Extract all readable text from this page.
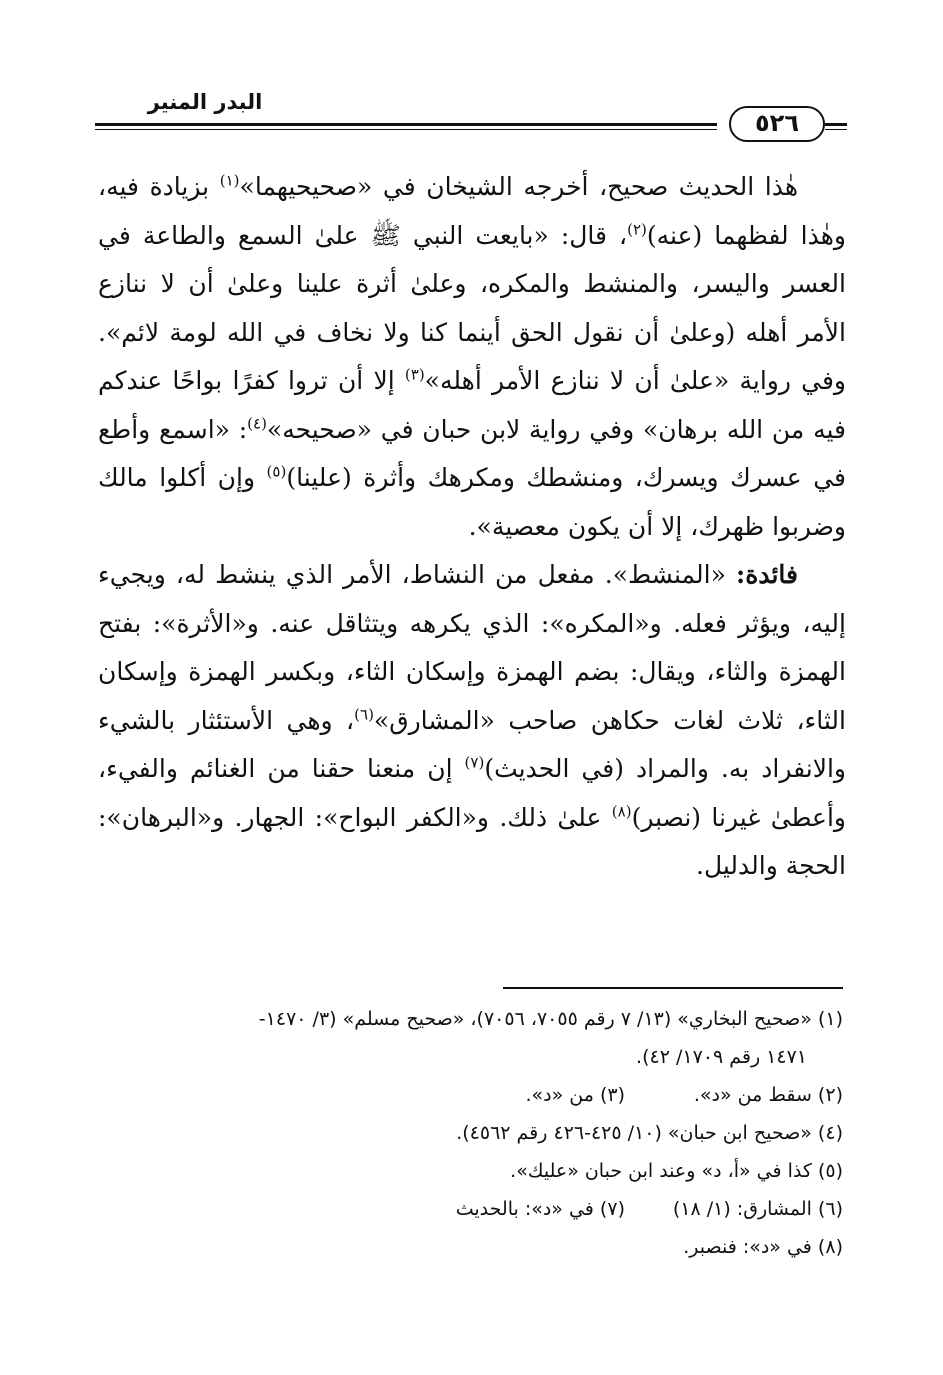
البدر المنير
٥٢٦

هٰذا الحديث صحيح، أخرجه الشيخان في «صحيحيهما»$^{(١)}$ بزيادة فيه، وهٰذا لفظهما (عنه)$^{(٢)}$، قال: «بايعت النبي ﷺ علىٰ السمع والطاعة في العسر واليسر، والمنشط والمكره، وعلىٰ أثرة علينا وعلىٰ أن لا ننازع الأمر أهله (وعلىٰ أن نقول الحق أينما كنا ولا نخاف في الله لومة لائم». وفي رواية «علىٰ أن لا ننازع الأمر أهله»$^{(٣)}$ إلا أن تروا كفرًا بواحًا عندكم فيه من الله برهان» وفي رواية لابن حبان في «صحيحه»$^{(٤)}$: «اسمع وأطع في عسرك ويسرك، ومنشطك ومكرهك وأثرة (علينا)$^{(٥)}$ وإن أكلوا مالك وضربوا ظهرك، إلا أن يكون معصية».

فائدة: «المنشط». مفعل من النشاط، الأمر الذي ينشط له، ويجيء إليه، ويؤثر فعله. و«المكره»: الذي يكرهه ويتثاقل عنه. و«الأثرة»: بفتح الهمزة والثاء، ويقال: بضم الهمزة وإسكان الثاء، وبكسر الهمزة وإسكان الثاء، ثلاث لغات حكاهن صاحب «المشارق»$^{(٦)}$، وهي الأستئثار بالشيء والانفراد به. والمراد (في الحديث)$^{(٧)}$ إن منعنا حقنا من الغنائم والفيء، وأعطىٰ غيرنا (نصبر)$^{(٨)}$ علىٰ ذلك. و«الكفر البواح»: الجهار. و«البرهان»: الحجة والدليل.

(١) «صحيح البخاري» (١٣/ ٧ رقم ٧٠٥٥، ٧٠٥٦)، «صحيح مسلم» (٣/ ١٤٧٠-

١٤٧١ رقم ١٧٠٩/ ٤٢).

(٢) سقط من «د».
(٣) من «د».

(٤) «صحيح ابن حبان» (١٠/ ٤٢٥-٤٢٦ رقم ٤٥٦٢).

(٥) كذا في «أ، د» وعند ابن حبان «عليك».

(٦) المشارق: (١/ ١٨)
(٧) في «د»: بالحديث

(٨) في «د»: فنصبر.
